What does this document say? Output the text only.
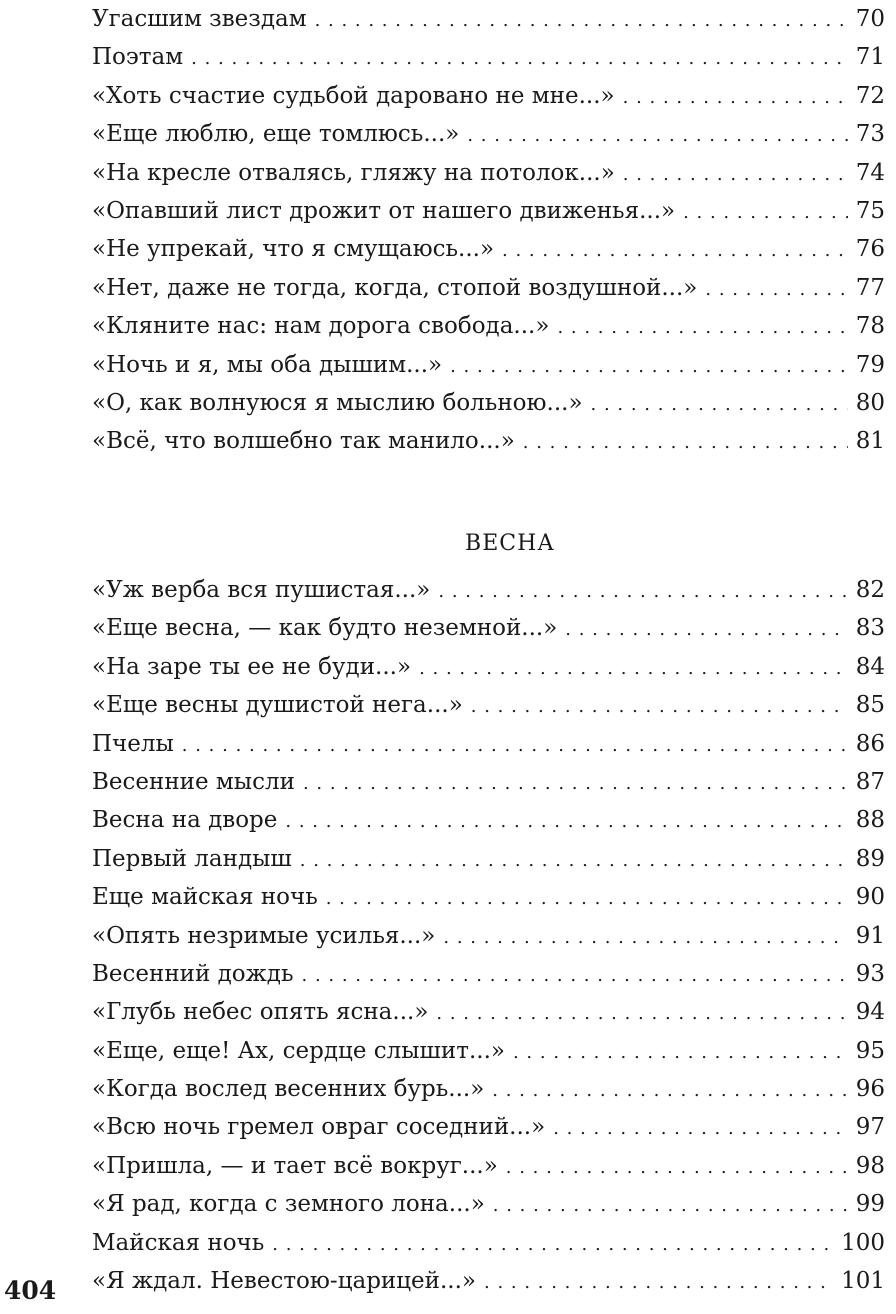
Угасшим звездам . . .	70
Поэтам . . .	71
«Хоть счастие судьбой даровано не мне...» . . .	72
«Еще люблю, еще томлюсь...» . . .	73
«На кресле отвалясь, гляжу на потолок...» . . .	74
«Опавший лист дрожит от нашего движенья...» . . .	75
«Не упрекай, что я смущаюсь...» . . .	76
«Нет, даже не тогда, когда, стопой воздушной...» . . .	77
«Кляните нас: нам дорога свобода...» . . .	78
«Ночь и я, мы оба дышим...» . . .	79
«О, как волнуюся я мыслию больною...» . . .	80
«Всё, что волшебно так манило...» . . .	81
ВЕСНА
«Уж верба вся пушистая...» . . .	82
«Еще весна, — как будто неземной...» . . .	83
«На заре ты ее не буди...» . . .	84
«Еще весны душистой нега...» . . .	85
Пчелы . . .	86
Весенние мысли . . .	87
Весна на дворе . . .	88
Первый ландыш . . .	89
Еще майская ночь . . .	90
«Опять незримые усилья...» . . .	91
Весенний дождь . . .	93
«Глубь небес опять ясна...» . . .	94
«Еще, еще! Ах, сердце слышит...» . . .	95
«Когда вослед весенних бурь...» . . .	96
«Всю ночь гремел овраг соседний...» . . .	97
«Пришла, — и тает всё вокруг...» . . .	98
«Я рад, когда с земного лона...» . . .	99
Майская ночь . . .	100
«Я ждал. Невестою-царицей...» . . .	101
404
